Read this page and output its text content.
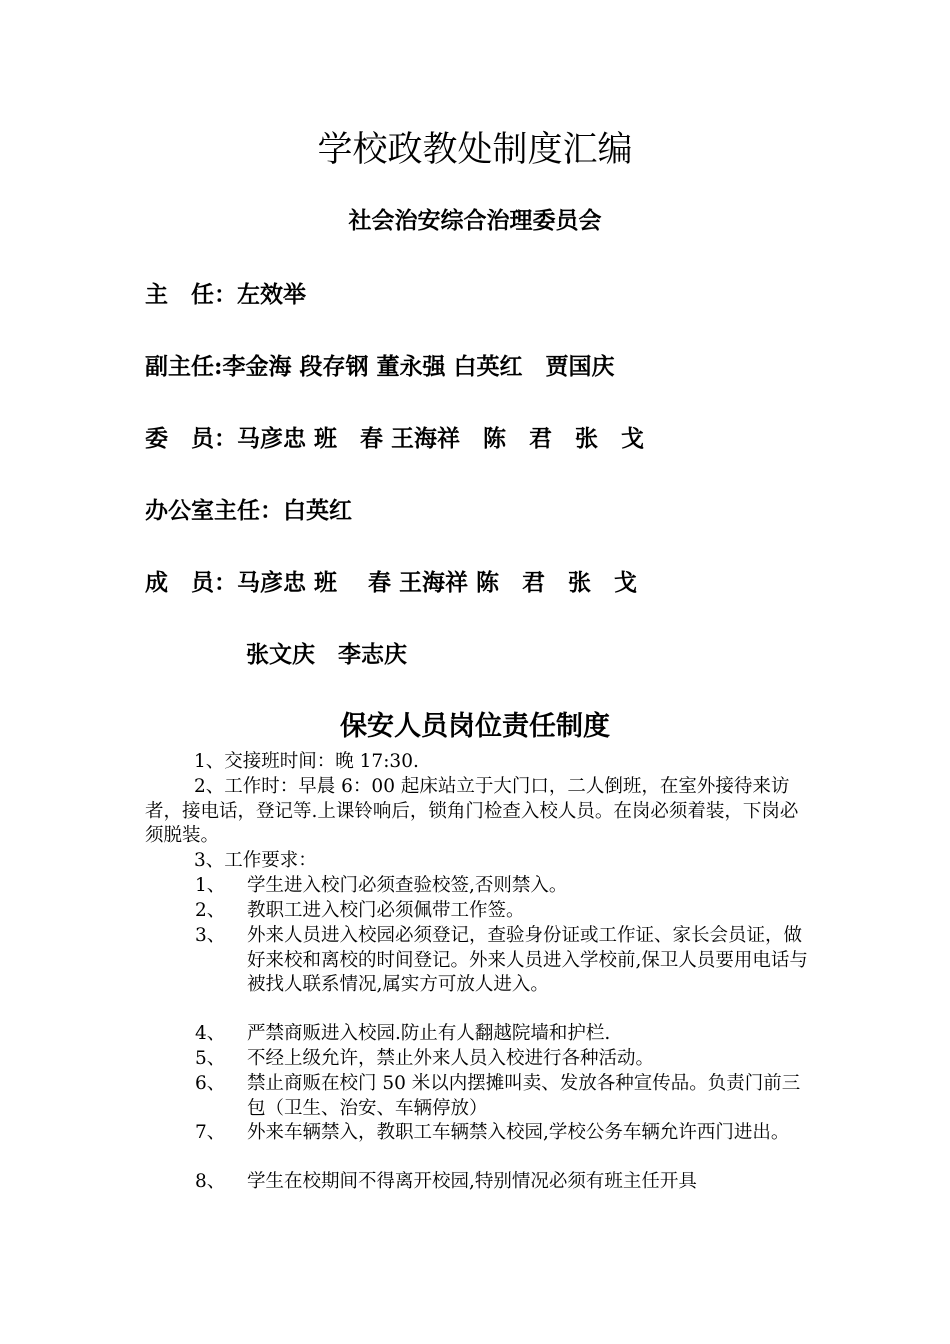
学校政教处制度汇编
社会治安综合治理委员会
主　任：左效举
副主任:李金海 段存钢 董永强 白英红　贾国庆
委　员：马彦忠 班　春 王海祥　陈　君　张　戈
办公室主任：白英红
成　员：马彦忠 班　 春 王海祥 陈　君　张　戈
张文庆　李志庆
保安人员岗位责任制度
1、交接班时间：晚 17:30.
2、工作时：早晨 6：00 起床站立于大门口，二人倒班，在室外接待来访者，接电话，登记等.上课铃响后，锁角门检查入校人员。在岗必须着装，下岗必须脱装。
3、工作要求：
1、	学生进入校门必须查验校签,否则禁入。
2、	教职工进入校门必须佩带工作签。
3、	外来人员进入校园必须登记，查验身份证或工作证、家长会员证，做好来校和离校的时间登记。外来人员进入学校前,保卫人员要用电话与被找人联系情况,属实方可放人进入。
4、	严禁商贩进入校园.防止有人翻越院墙和护栏.
5、	不经上级允许，禁止外来人员入校进行各种活动。
6、	禁止商贩在校门 50 米以内摆摊叫卖、发放各种宣传品。负责门前三包（卫生、治安、车辆停放）
7、	外来车辆禁入，教职工车辆禁入校园,学校公务车辆允许西门进出。
8、	学生在校期间不得离开校园,特别情况必须有班主任开具
